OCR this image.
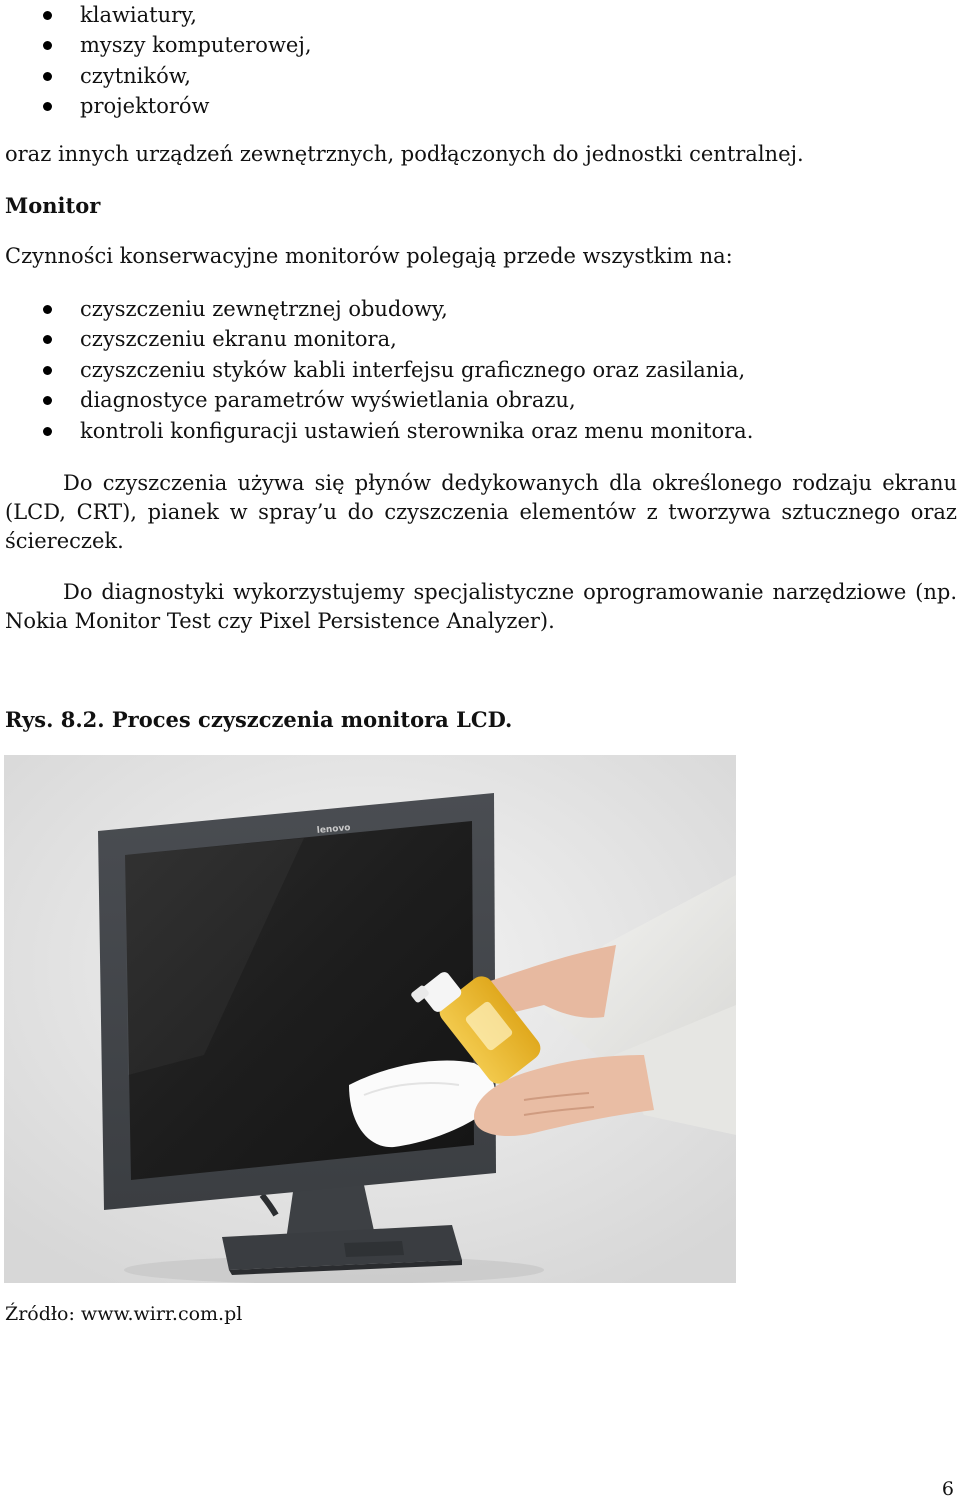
klawiatury,
myszy komputerowej,
czytników,
projektorów

oraz innych urządzeń zewnętrznych, podłączonych do jednostki centralnej.

Monitor

Czynności konserwacyjne monitorów polegają przede wszystkim na:

czyszczeniu zewnętrznej obudowy,
czyszczeniu ekranu monitora,
czyszczeniu styków kabli interfejsu graficznego oraz zasilania,
diagnostyce parametrów wyświetlania obrazu,
kontroli konfiguracji ustawień sterownika oraz menu monitora.

Do czyszczenia używa się płynów dedykowanych dla określonego rodzaju ekranu (LCD, CRT), pianek w spray’u do czyszczenia elementów z tworzywa sztucznego oraz ściereczek.

Do diagnostyki wykorzystujemy specjalistyczne oprogramowanie narzędziowe (np. Nokia Monitor Test czy Pixel Persistence Analyzer).

Rys. 8.2. Proces czyszczenia monitora LCD.

lenovo

Źródło: www.wirr.com.pl

6
